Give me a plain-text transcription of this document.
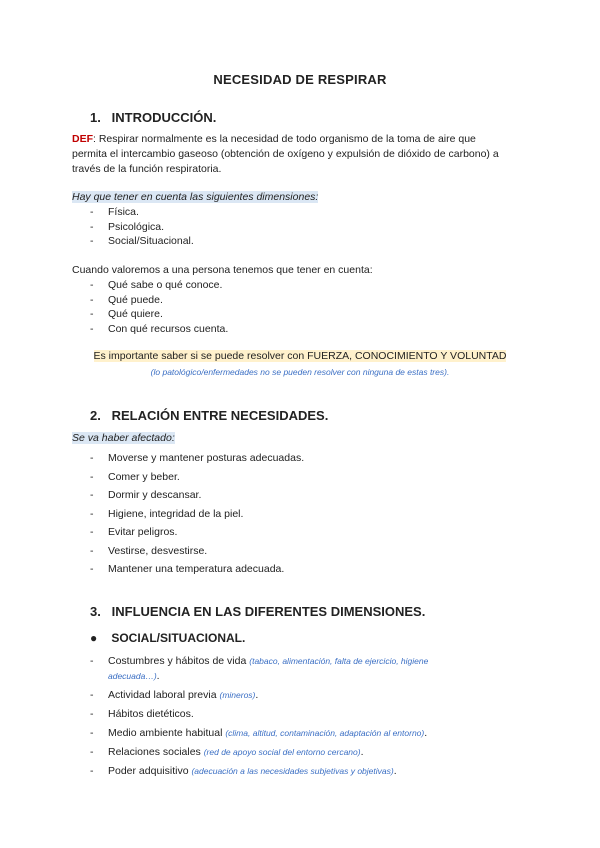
NECESIDAD DE RESPIRAR
1. INTRODUCCIÓN.
DEF: Respirar normalmente es la necesidad de todo organismo de la toma de aire que
permita el intercambio gaseoso (obtención de oxígeno y expulsión de dióxido de carbono) a
través de la función respiratoria.
Hay que tener en cuenta las siguientes dimensiones:
- Física.
- Psicológica.
- Social/Situacional.
Cuando valoremos a una persona tenemos que tener en cuenta:
- Qué sabe o qué conoce.
- Qué puede.
- Qué quiere.
- Con qué recursos cuenta.
Es importante saber si se puede resolver con FUERZA, CONOCIMIENTO Y VOLUNTAD
(lo patológico/enfermedades no se pueden resolver con ninguna de estas tres).
2. RELACIÓN ENTRE NECESIDADES.
Se va haber afectado:
- Moverse y mantener posturas adecuadas.
- Comer y beber.
- Dormir y descansar.
- Higiene, integridad de la piel.
- Evitar peligros.
- Vestirse, desvestirse.
- Mantener una temperatura adecuada.
3. INFLUENCIA EN LAS DIFERENTES DIMENSIONES.
● SOCIAL/SITUACIONAL.
- Costumbres y hábitos de vida (tabaco, alimentación, falta de ejercicio, higiene
adecuada…).
- Actividad laboral previa (mineros).
- Hábitos dietéticos.
- Medio ambiente habitual (clima, altitud, contaminación, adaptación al entorno).
- Relaciones sociales (red de apoyo social del entorno cercano).
- Poder adquisitivo (adecuación a las necesidades subjetivas y objetivas).
